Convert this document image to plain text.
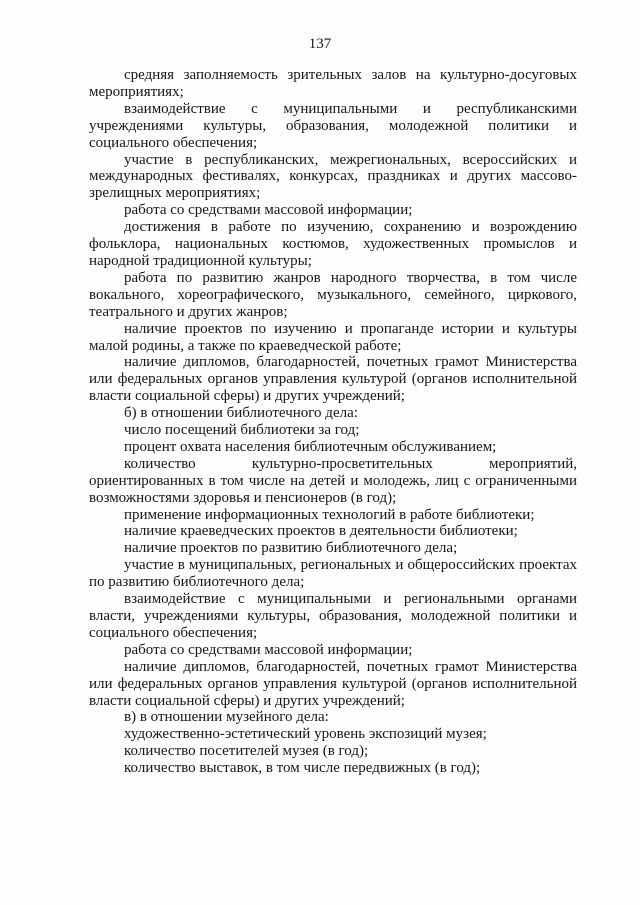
137

средняя заполняемость зрительных залов на культурно-досуговых мероприятиях;

взаимодействие с муниципальными и республиканскими учреждениями культуры, образования, молодежной политики и социального обеспечения;

участие в республиканских, межрегиональных, всероссийских и международных фестивалях, конкурсах, праздниках и других массово-зрелищных мероприятиях;

работа со средствами массовой информации;

достижения в работе по изучению, сохранению и возрождению фольклора, национальных костюмов, художественных промыслов и народной традиционной культуры;

работа по развитию жанров народного творчества, в том числе вокального, хореографического, музыкального, семейного, циркового, театрального и других жанров;

наличие проектов по изучению и пропаганде истории и культуры малой родины, а также по краеведческой работе;

наличие дипломов, благодарностей, почетных грамот Министерства или федеральных органов управления культурой (органов исполнительной власти социальной сферы) и других учреждений;

б) в отношении библиотечного дела:

число посещений библиотеки за год;

процент охвата населения библиотечным обслуживанием;

количество культурно-просветительных мероприятий, ориентированных в том числе на детей и молодежь, лиц с ограниченными возможностями здоровья и пенсионеров (в год);

применение информационных технологий в работе библиотеки;

наличие краеведческих проектов в деятельности библиотеки;

наличие проектов по развитию библиотечного дела;

участие в муниципальных, региональных и общероссийских проектах по развитию библиотечного дела;

взаимодействие с муниципальными и региональными органами власти, учреждениями культуры, образования, молодежной политики и социального обеспечения;

работа со средствами массовой информации;

наличие дипломов, благодарностей, почетных грамот Министерства или федеральных органов управления культурой (органов исполнительной власти социальной сферы) и других учреждений;

в) в отношении музейного дела:

художественно-эстетический уровень экспозиций музея;

количество посетителей музея (в год);

количество выставок, в том числе передвижных (в год);
